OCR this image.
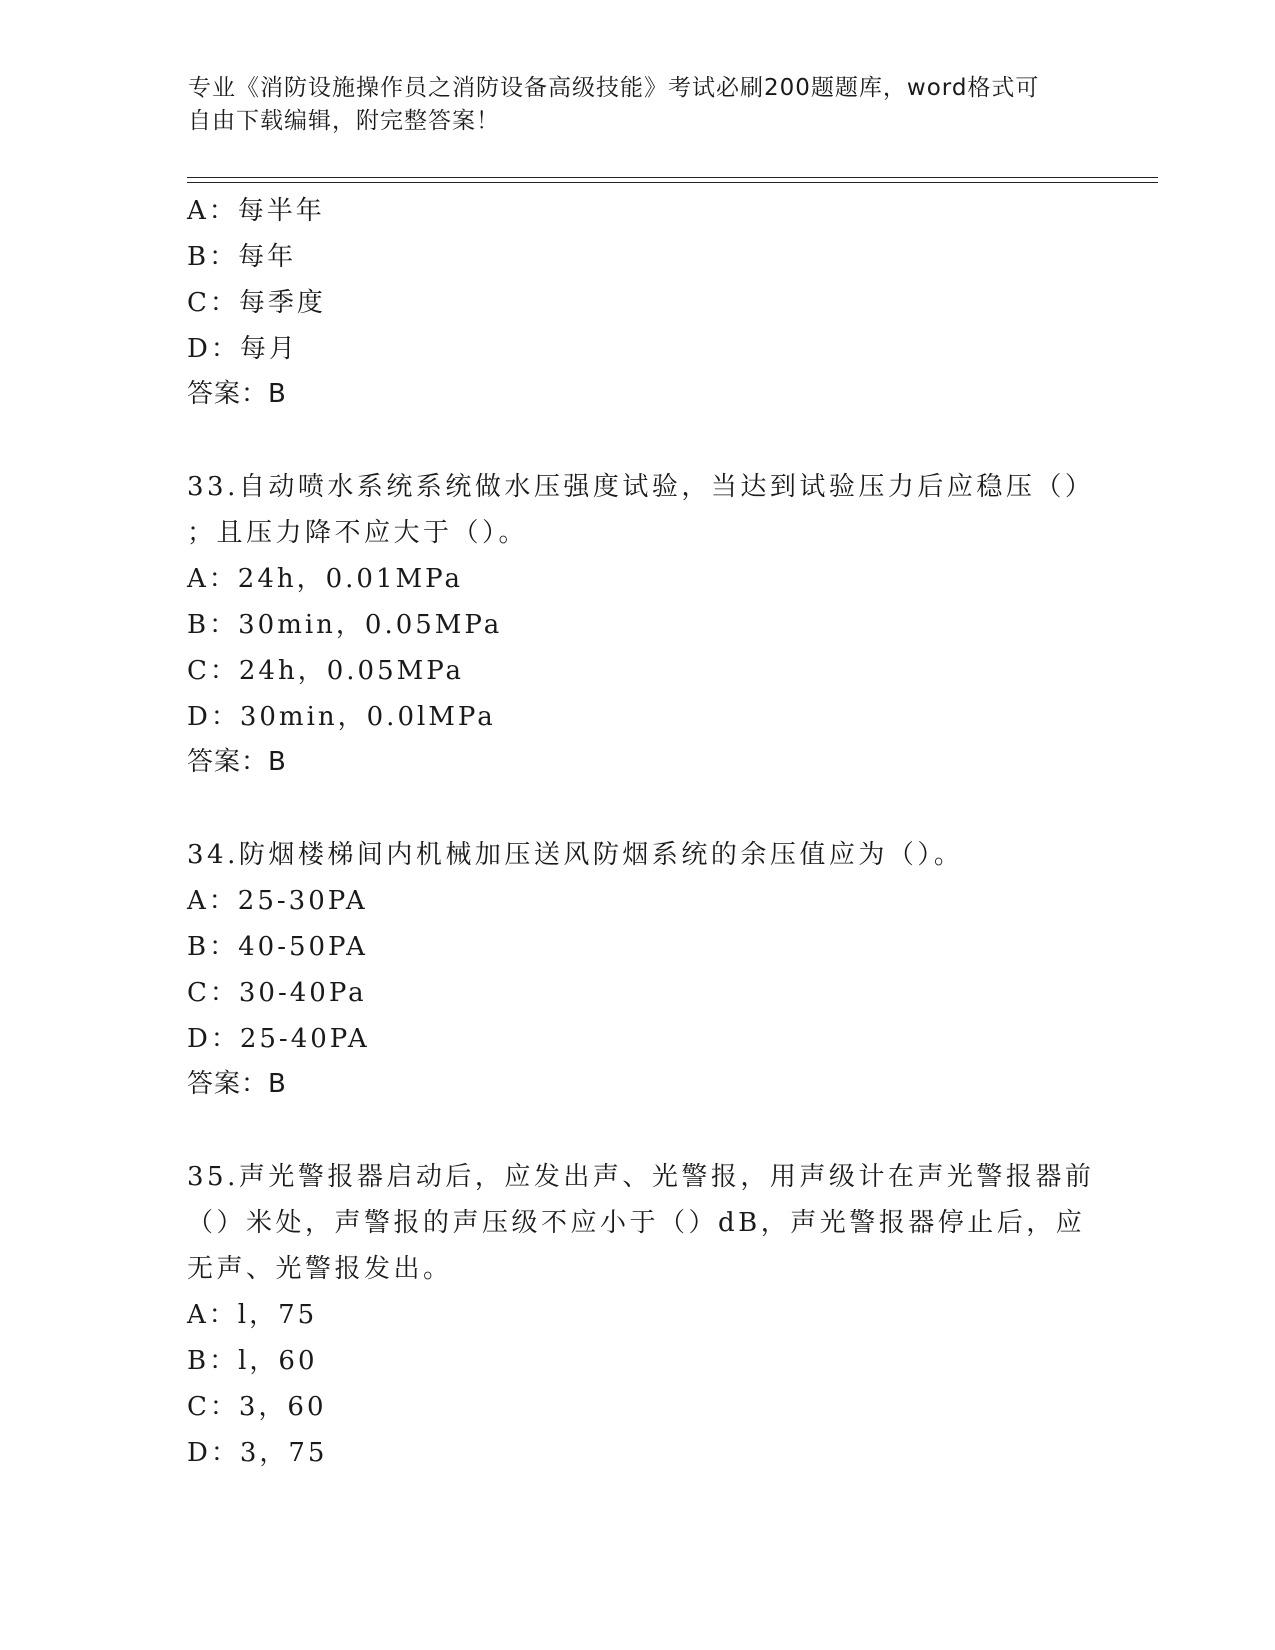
专业《消防设施操作员之消防设备高级技能》考试必刷200题题库，word格式可
自由下载编辑，附完整答案！
A：每半年
B：每年
C：每季度
D：每月
答案：B
33.自动喷水系统系统做水压强度试验，当达到试验压力后应稳压（）
；且压力降不应大于（）。
A：24h，0.01MPa
B：30min，0.05MPa
C：24h，0.05MPa
D：30min，0.0lMPa
答案：B
34.防烟楼梯间内机械加压送风防烟系统的余压值应为（）。
A：25-30PA
B：40-50PA
C：30-40Pa
D：25-40PA
答案：B
35.声光警报器启动后，应发出声、光警报，用声级计在声光警报器前
（）米处，声警报的声压级不应小于（）dB，声光警报器停止后，应
无声、光警报发出。
A：l，75
B：l，60
C：3，60
D：3，75
